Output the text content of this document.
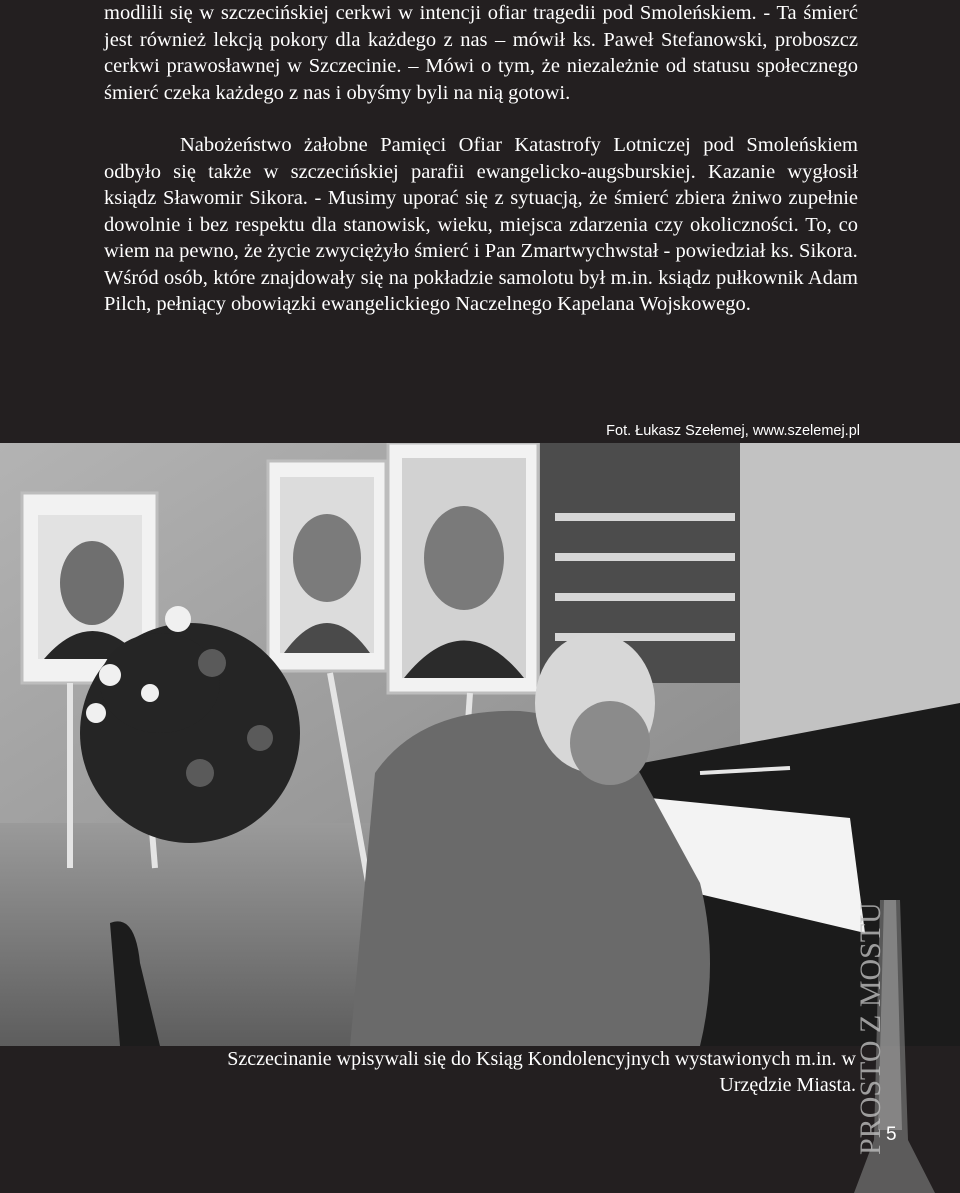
modlili się w szczecińskiej cerkwi w intencji ofiar tragedii pod Smoleńskiem. - Ta śmierć jest również lekcją pokory dla każdego z nas – mówił ks. Paweł Stefanowski, proboszcz cerkwi prawosławnej w Szczecinie. – Mówi o tym, że niezależnie od statusu społecznego śmierć czeka każdego z nas i obyśmy byli na nią gotowi.

Nabożeństwo żałobne Pamięci Ofiar Katastrofy Lotniczej pod Smoleńskiem odbyło się także w szczecińskiej parafii ewangelicko-augsburskiej. Kazanie wygłosił ksiądz Sławomir Sikora. - Musimy uporać się z sytuacją, że śmierć zbiera żniwo zupełnie dowolnie i bez respektu dla stanowisk, wieku, miejsca zdarzenia czy okoliczności. To, co wiem na pewno, że życie zwyciężyło śmierć i Pan Zmartwychwstał - powiedział ks. Sikora.

Wśród osób, które znajdowały się na pokładzie samolotu był m.in. ksiądz pułkownik Adam Pilch, pełniący obowiązki ewangelickiego Naczelnego Kapelana Wojskowego.

Fot. Łukasz Szełemej, www.szelemej.pl
Szczecinanie wpisywali się do Ksiąg Kondolencyjnych wystawionych m.in. w Urzędzie Miasta.
PROSTO Z MOSTU 5
